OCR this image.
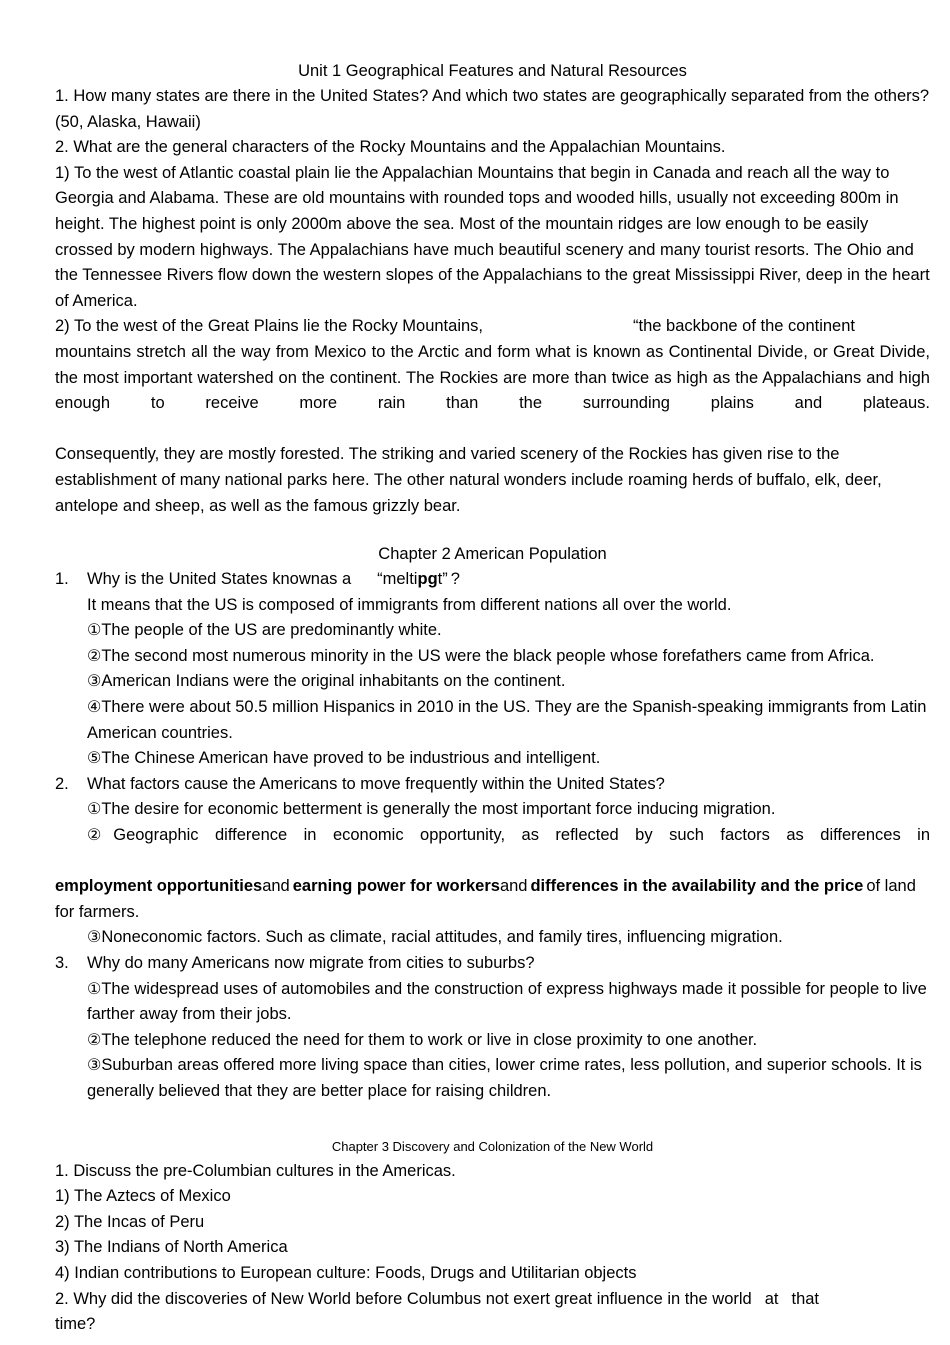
Unit 1 Geographical Features and Natural Resources
1. How many states are there in the United States? And which two states are geographically separated from the others? (50, Alaska, Hawaii)
2. What are the general characters of the Rocky Mountains and the Appalachian Mountains.
1) To the west of Atlantic coastal plain lie the Appalachian Mountains that begin in Canada and reach all the way to Georgia and Alabama. These are old mountains with rounded tops and wooded hills, usually not exceeding 800m in height. The highest point is only 2000m above the sea. Most of the mountain ridges are low enough to be easily crossed by modern highways. The Appalachians have much beautiful scenery and many tourist resorts. The Ohio and the Tennessee Rivers flow down the western slopes of the Appalachians to the great Mississippi River, deep in the heart of America.
2) To the west of the Great Plains lie the Rocky Mountains,	“the backbone of the continent
mountains stretch all the way from Mexico to the Arctic and form what is known as Continental Divide, or Great Divide, the most important watershed on the continent. The Rockies are more than twice as high as the Appalachians and high enough to receive more rain than the surrounding plains and plateaus.
Consequently, they are mostly forested. The striking and varied scenery of the Rockies has given rise to the establishment of many national parks here. The other natural wonders include roaming herds of buffalo, elk, deer, antelope and sheep, as well as the famous grizzly bear.
Chapter 2 American Population
1. Why is the United States knownas a “meltipgt” ?
It means that the US is composed of immigrants from different nations all over the world.
①The people of the US are predominantly white.
②The second most numerous minority in the US were the black people whose forefathers came from Africa.
③American Indians were the original inhabitants on the continent.
④There were about 50.5 million Hispanics in 2010 in the US. They are the Spanish-speaking immigrants from Latin American countries.
⑤The Chinese American have proved to be industrious and intelligent.
2. What factors cause the Americans to move frequently within the United States?
①The desire for economic betterment is generally the most important force inducing migration.
②Geographic difference in economic opportunity, as reflected by such factors as differences in
employment opportunitiesand earning power for workersand differences in the availability and the price of land for farmers.
③Noneconomic factors. Such as climate, racial attitudes, and family tires, influencing migration.
3. Why do many Americans now migrate from cities to suburbs?
①The widespread uses of automobiles and the construction of express highways made it possible for people to live farther away from their jobs.
②The telephone reduced the need for them to work or live in close proximity to one another.
③Suburban areas offered more living space than cities, lower crime rates, less pollution, and superior schools. It is generally believed that they are better place for raising children.
Chapter 3 Discovery and Colonization of the New World
1. Discuss the pre-Columbian cultures in the Americas.
1) The Aztecs of Mexico
2) The Incas of Peru
3) The Indians of North America
4) Indian contributions to European culture: Foods, Drugs and Utilitarian objects
2. Why did the discoveries of New World before Columbus not exert great influence in the world at that
time?
